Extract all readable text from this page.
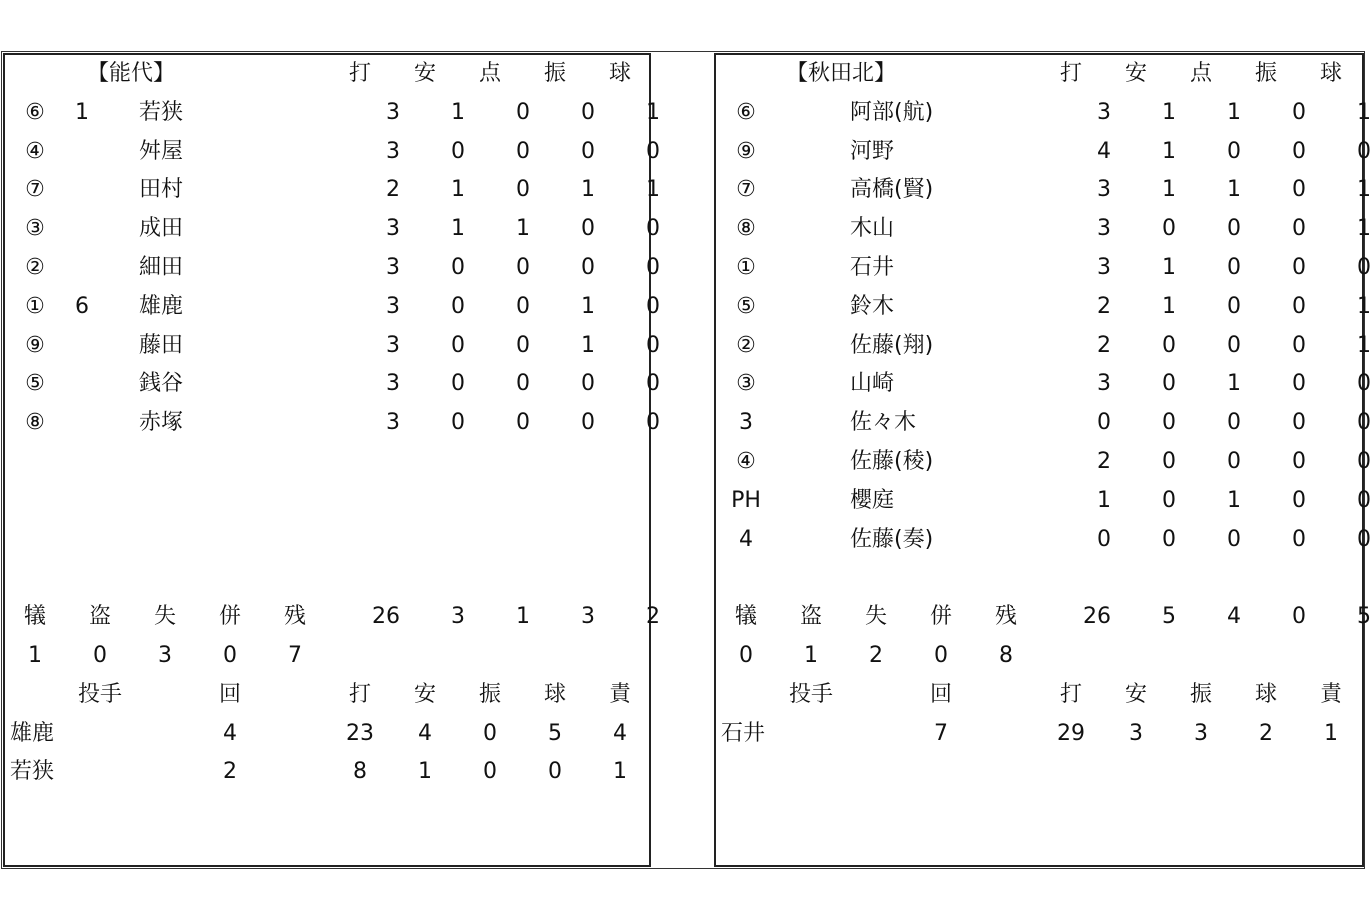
【能代】	打	安	点	振	球
⑥	1	若狭	3	1	0	0	1
④	舛屋	3	0	0	0	0
⑦	田村	2	1	0	1	1
③	成田	3	1	1	0	0
②	細田	3	0	0	0	0
①	6	雄鹿	3	0	0	1	0
⑨	藤田	3	0	0	1	0
⑤	銭谷	3	0	0	0	0
⑧	赤塚	3	0	0	0	0
犠	盗	失	併	残	26	3	1	3	2
1	0	3	0	7
投手	回	打	安	振	球	責
雄鹿	4	23	4	0	5	4
若狭	2	8	1	0	0	1
【秋田北】	打	安	点	振	球
⑥	阿部(航)	3	1	1	0	1
⑨	河野	4	1	0	0	0
⑦	高橋(賢)	3	1	1	0	1
⑧	木山	3	0	0	0	1
①	石井	3	1	0	0	0
⑤	鈴木	2	1	0	0	1
②	佐藤(翔)	2	0	0	0	1
③	山崎	3	0	1	0	0
3	佐々木	0	0	0	0	0
④	佐藤(稜)	2	0	0	0	0
PH	櫻庭	1	0	1	0	0
4	佐藤(奏)	0	0	0	0	0
犠	盗	失	併	残	26	5	4	0	5
0	1	2	0	8
投手	回	打	安	振	球	責
石井	7	29	3	3	2	1
